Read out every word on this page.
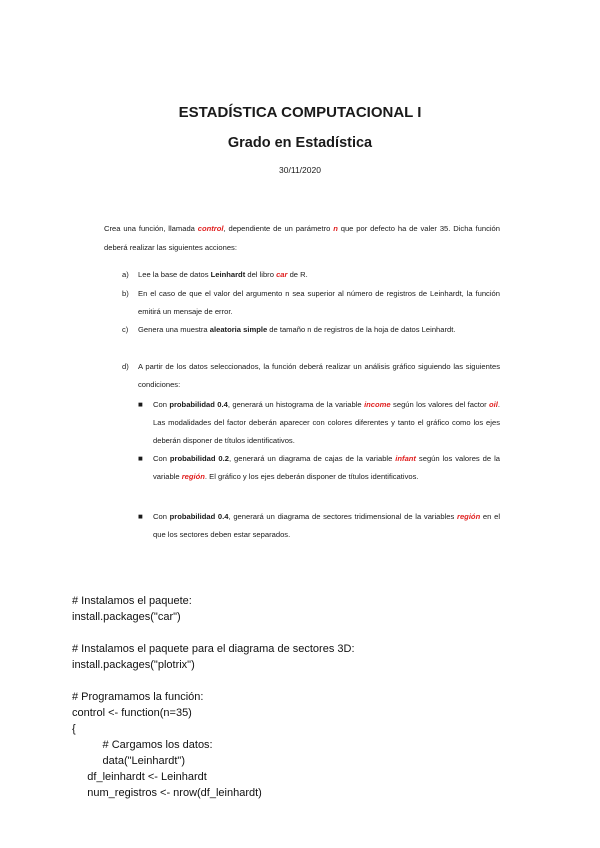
ESTADÍSTICA COMPUTACIONAL I
Grado en Estadística
30/11/2020
Crea una función, llamada control, dependiente de un parámetro n que por defecto ha de valer 35. Dicha función deberá realizar las siguientes acciones:
a)	Lee la base de datos Leinhardt del libro car de R.
b)	En el caso de que el valor del argumento n sea superior al número de registros de Leinhardt, la función emitirá un mensaje de error.
c)	Genera una muestra aleatoria simple de tamaño n de registros de la hoja de datos Leinhardt.
d)	A partir de los datos seleccionados, la función deberá realizar un análisis gráfico siguiendo las siguientes condiciones:
■ Con probabilidad 0.4, generará un histograma de la variable income según los valores del factor oil. Las modalidades del factor deberán aparecer con colores diferentes y tanto el gráfico como los ejes deberán disponer de títulos identificativos.
■ Con probabilidad 0.2, generará un diagrama de cajas de la variable infant según los valores de la variable región. El gráfico y los ejes deberán disponer de títulos identificativos.
■ Con probabilidad 0.4, generará un diagrama de sectores tridimensional de la variables región en el que los sectores deben estar separados.

# Instalamos el paquete:
install.packages("car")

# Instalamos el paquete para el diagrama de sectores 3D:
install.packages("plotrix")

# Programamos la función:
control <- function(n=35)
{
# Cargamos los datos:
data("Leinhardt")
df_leinhardt <- Leinhardt
num_registros <- nrow(df_leinhardt)
